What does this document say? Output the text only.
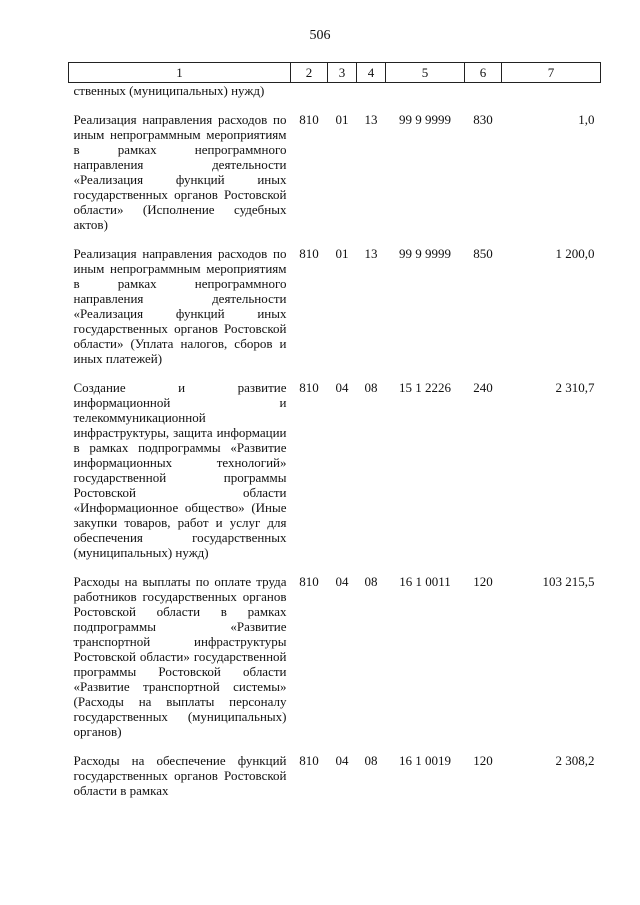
506
1	2	3	4	5	6	7
ственных (муниципальных) нужд)						
Реализация направления расходов по иным непрограммным мероприятиям в рамках непрограммного направления деятельности «Реализация функций иных государственных органов Ростовской области» (Исполнение судебных актов)	810	01	13	99 9 9999	830	1,0
Реализация направления расходов по иным непрограммным мероприятиям в рамках непрограммного направления деятельности «Реализация функций иных государственных органов Ростовской области» (Уплата налогов, сборов и иных платежей)	810	01	13	99 9 9999	850	1 200,0
Создание и развитие информационной и телекоммуникационной инфраструктуры, защита информации в рамках подпрограммы «Развитие информационных технологий» государственной программы Ростовской области «Информационное общество» (Иные закупки товаров, работ и услуг для обеспечения государственных (муниципальных) нужд)	810	04	08	15 1 2226	240	2 310,7
Расходы на выплаты по оплате труда работников государственных органов Ростовской области в рамках подпрограммы «Развитие транспортной инфраструктуры Ростовской области» государственной программы Ростовской области «Развитие транспортной системы» (Расходы на выплаты персоналу государственных (муниципальных) органов)	810	04	08	16 1 0011	120	103 215,5
Расходы на обеспечение функций государственных органов Ростовской области в рамках	810	04	08	16 1 0019	120	2 308,2
